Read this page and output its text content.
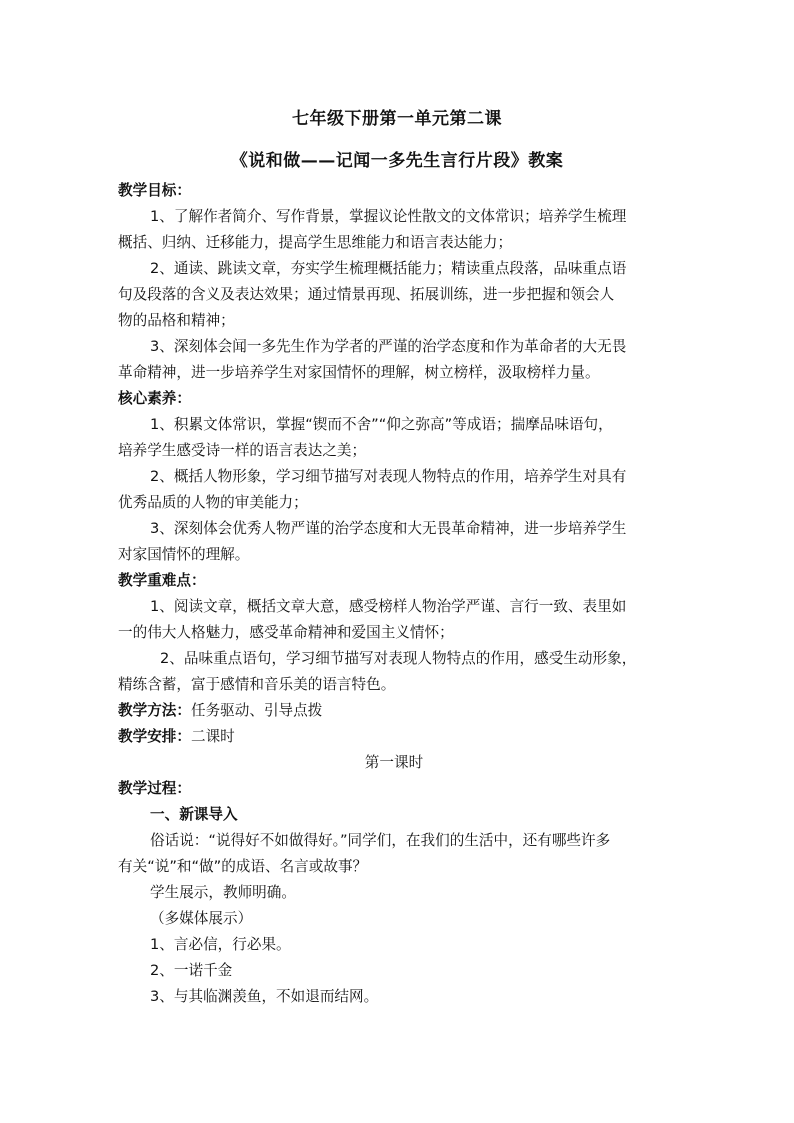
七年级下册第一单元第二课
《说和做——记闻一多先生言行片段》教案
教学目标：
1、了解作者简介、写作背景，掌握议论性散文的文体常识；培养学生梳理
概括、归纳、迁移能力，提高学生思维能力和语言表达能力；
2、通读、跳读文章，夯实学生梳理概括能力；精读重点段落，品味重点语
句及段落的含义及表达效果；通过情景再现、拓展训练，进一步把握和领会人
物的品格和精神；
3、深刻体会闻一多先生作为学者的严谨的治学态度和作为革命者的大无畏
革命精神，进一步培养学生对家国情怀的理解，树立榜样，汲取榜样力量。
核心素养：
1、积累文体常识，掌握“锲而不舍”“仰之弥高”等成语；揣摩品味语句，
培养学生感受诗一样的语言表达之美；
2、概括人物形象，学习细节描写对表现人物特点的作用，培养学生对具有
优秀品质的人物的审美能力；
3、深刻体会优秀人物严谨的治学态度和大无畏革命精神，进一步培养学生
对家国情怀的理解。
教学重难点：
1、阅读文章，概括文章大意，感受榜样人物治学严谨、言行一致、表里如
一的伟大人格魅力，感受革命精神和爱国主义情怀；
2、品味重点语句，学习细节描写对表现人物特点的作用，感受生动形象，
精练含蓄，富于感情和音乐美的语言特色。
教学方法：任务驱动、引导点拨
教学安排：二课时
第一课时
教学过程：
一、新课导入
俗话说：“说得好不如做得好。”同学们，在我们的生活中，还有哪些许多
有关“说”和“做”的成语、名言或故事？
学生展示，教师明确。
（多媒体展示）
1、言必信，行必果。
2、一诺千金
3、与其临渊羡鱼，不如退而结网。
